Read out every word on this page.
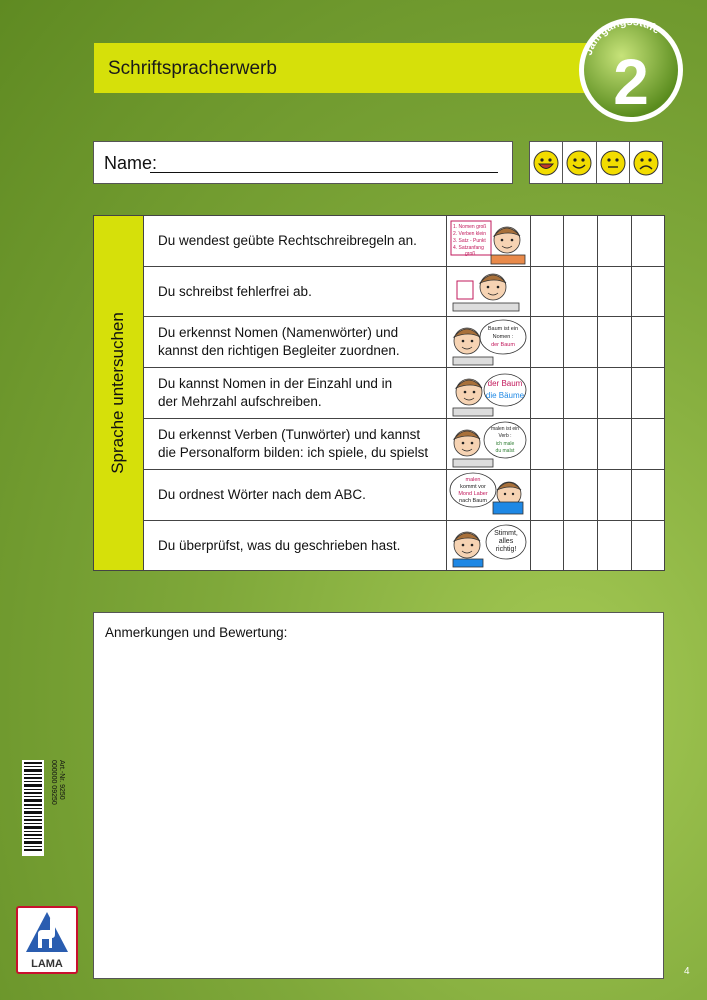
Schriftspracherwerb
Jahrgangsstufe
2
Name:
Sprache untersuchen
Du wendest geübte Rechtschreibregeln an.
1. Nomen groß
2. Verben klein
3. Satz - Punkt
4. Satzanfang
groß
Du schreibst fehlerfrei ab.
Du erkennst Nomen (Namenwörter) und
kannst den richtigen Begleiter zuordnen.
Baum ist ein
Nomen :
der Baum
Du kannst Nomen in der Einzahl und in
der Mehrzahl aufschreiben.
der Baum
die Bäume
Du erkennst Verben (Tunwörter) und kannst
die Personalform bilden: ich spiele, du spielst
malen ist ein
Verb :
ich male
du malst
Du ordnest Wörter nach dem ABC.
malen
kommt vor
Mond Laber
nach Baum
Du überprüfst, was du geschrieben hast.
Stimmt,
alles
richtig!
Anmerkungen und Bewertung:
000000 09250 Art.-Nr. 9250
LAMA
4
